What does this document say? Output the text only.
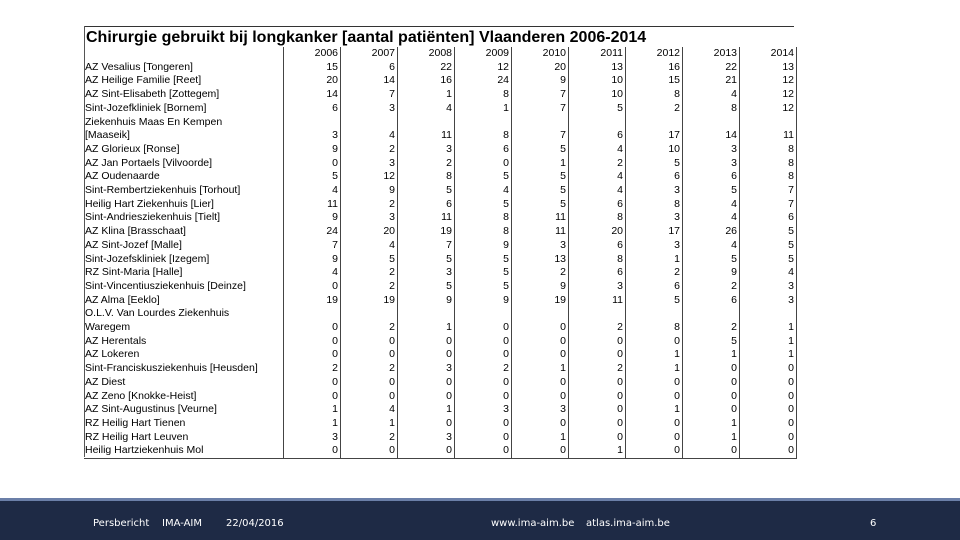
Chirurgie gebruikt bij longkanker [aantal patiënten] Vlaanderen 2006-2014
	2006	2007	2008	2009	2010	2011	2012	2013	2014
AZ Vesalius [Tongeren]	15	6	22	12	20	13	16	22	13
AZ Heilige Familie [Reet]	20	14	16	24	9	10	15	21	12
AZ Sint-Elisabeth [Zottegem]	14	7	1	8	7	10	8	4	12
Sint-Jozefkliniek [Bornem]	6	3	4	1	7	5	2	8	12
Ziekenhuis Maas En Kempen
[Maaseik]	3	4	11	8	7	6	17	14	11
AZ Glorieux [Ronse]	9	2	3	6	5	4	10	3	8
AZ Jan Portaels [Vilvoorde]	0	3	2	0	1	2	5	3	8
AZ Oudenaarde	5	12	8	5	5	4	6	6	8
Sint-Rembertziekenhuis [Torhout]	4	9	5	4	5	4	3	5	7
Heilig Hart Ziekenhuis [Lier]	11	2	6	5	5	6	8	4	7
Sint-Andriesziekenhuis [Tielt]	9	3	11	8	11	8	3	4	6
AZ Klina [Brasschaat]	24	20	19	8	11	20	17	26	5
AZ Sint-Jozef [Malle]	7	4	7	9	3	6	3	4	5
Sint-Jozefskliniek [Izegem]	9	5	5	5	13	8	1	5	5
RZ Sint-Maria [Halle]	4	2	3	5	2	6	2	9	4
Sint-Vincentiusziekenhuis [Deinze]	0	2	5	5	9	3	6	2	3
AZ Alma [Eeklo]	19	19	9	9	19	11	5	6	3
O.L.V. Van Lourdes Ziekenhuis
Waregem	0	2	1	0	0	2	8	2	1
AZ Herentals	0	0	0	0	0	0	0	5	1
AZ Lokeren	0	0	0	0	0	0	1	1	1
Sint-Franciskusziekenhuis [Heusden]	2	2	3	2	1	2	1	0	0
AZ Diest	0	0	0	0	0	0	0	0	0
AZ Zeno [Knokke-Heist]	0	0	0	0	0	0	0	0	0
AZ Sint-Augustinus [Veurne]	1	4	1	3	3	0	1	0	0
RZ Heilig Hart Tienen	1	1	0	0	0	0	0	1	0
RZ Heilig Hart Leuven	3	2	3	0	1	0	0	1	0
Heilig Hartziekenhuis Mol	0	0	0	0	0	1	0	0	0
Persbericht IMA-AIM 22/04/2016	www.ima-aim.be atlas.ima-aim.be	6
